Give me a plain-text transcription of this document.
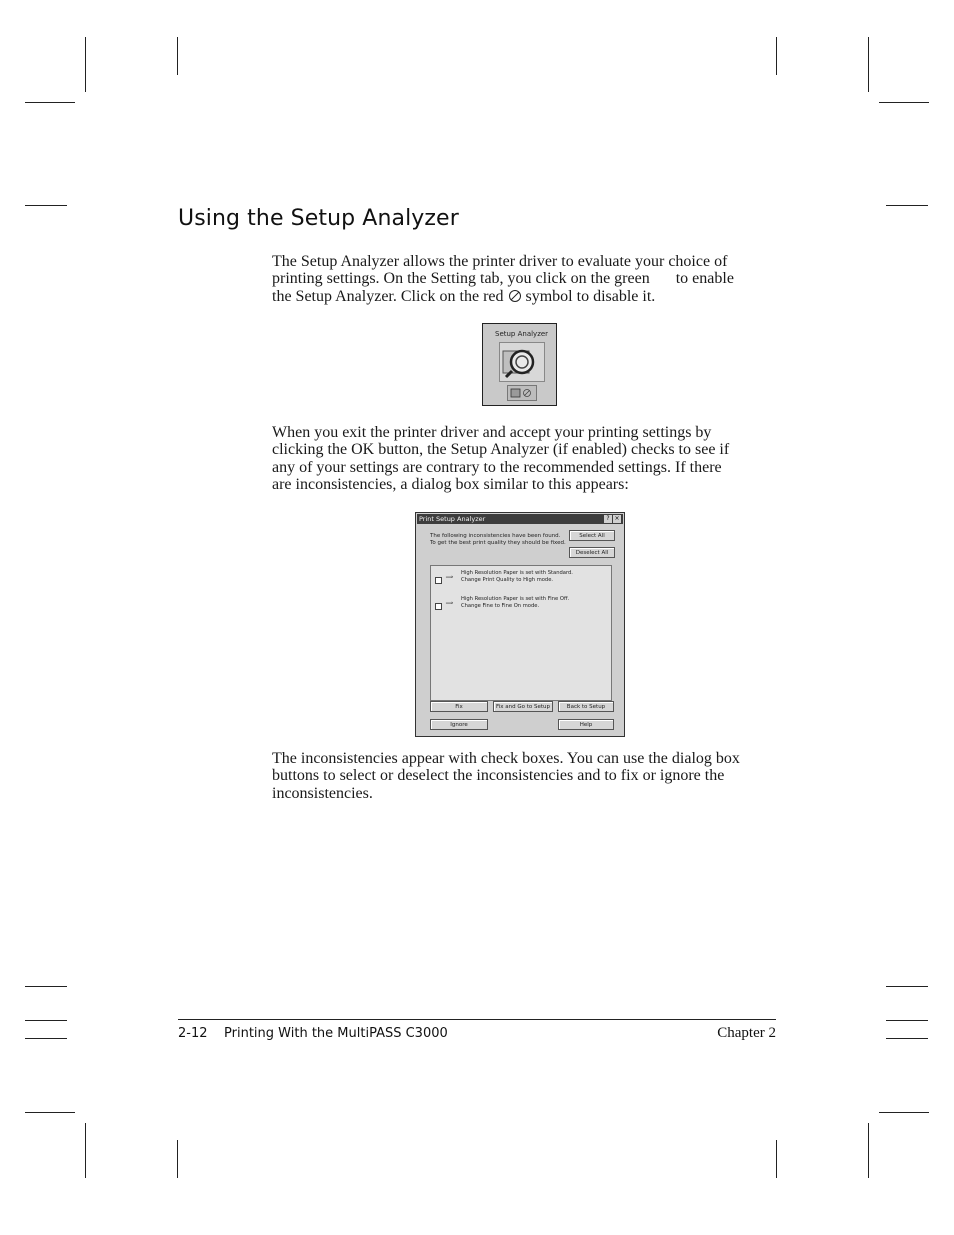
Using the Setup Analyzer

The Setup Analyzer allows the printer driver to evaluate your choice of
printing settings. On the Setting tab, you click on the green to enable
the Setup Analyzer. Click on the red symbol to disable it.

Setup Analyzer

When you exit the printer driver and accept your printing settings by
clicking the OK button, the Setup Analyzer (if enabled) checks to see if
any of your settings are contrary to the recommended settings. If there
are inconsistencies, a dialog box similar to this appears:

Print Setup Analyzer	? ×
The following inconsistencies have been found.
To get the best print quality they should be fixed.
Select All
Deselect All
⟹
High Resolution Paper is set with Standard.
Change Print Quality to High mode.
⟹
High Resolution Paper is set with Fine Off.
Change Fine to Fine On mode.
Fix	Fix and Go to Setup	Back to Setup
Ignore	Help

The inconsistencies appear with check boxes. You can use the dialog box
buttons to select or deselect the inconsistencies and to fix or ignore the
inconsistencies.

2-12    Printing With the MultiPASS C3000	Chapter 2
